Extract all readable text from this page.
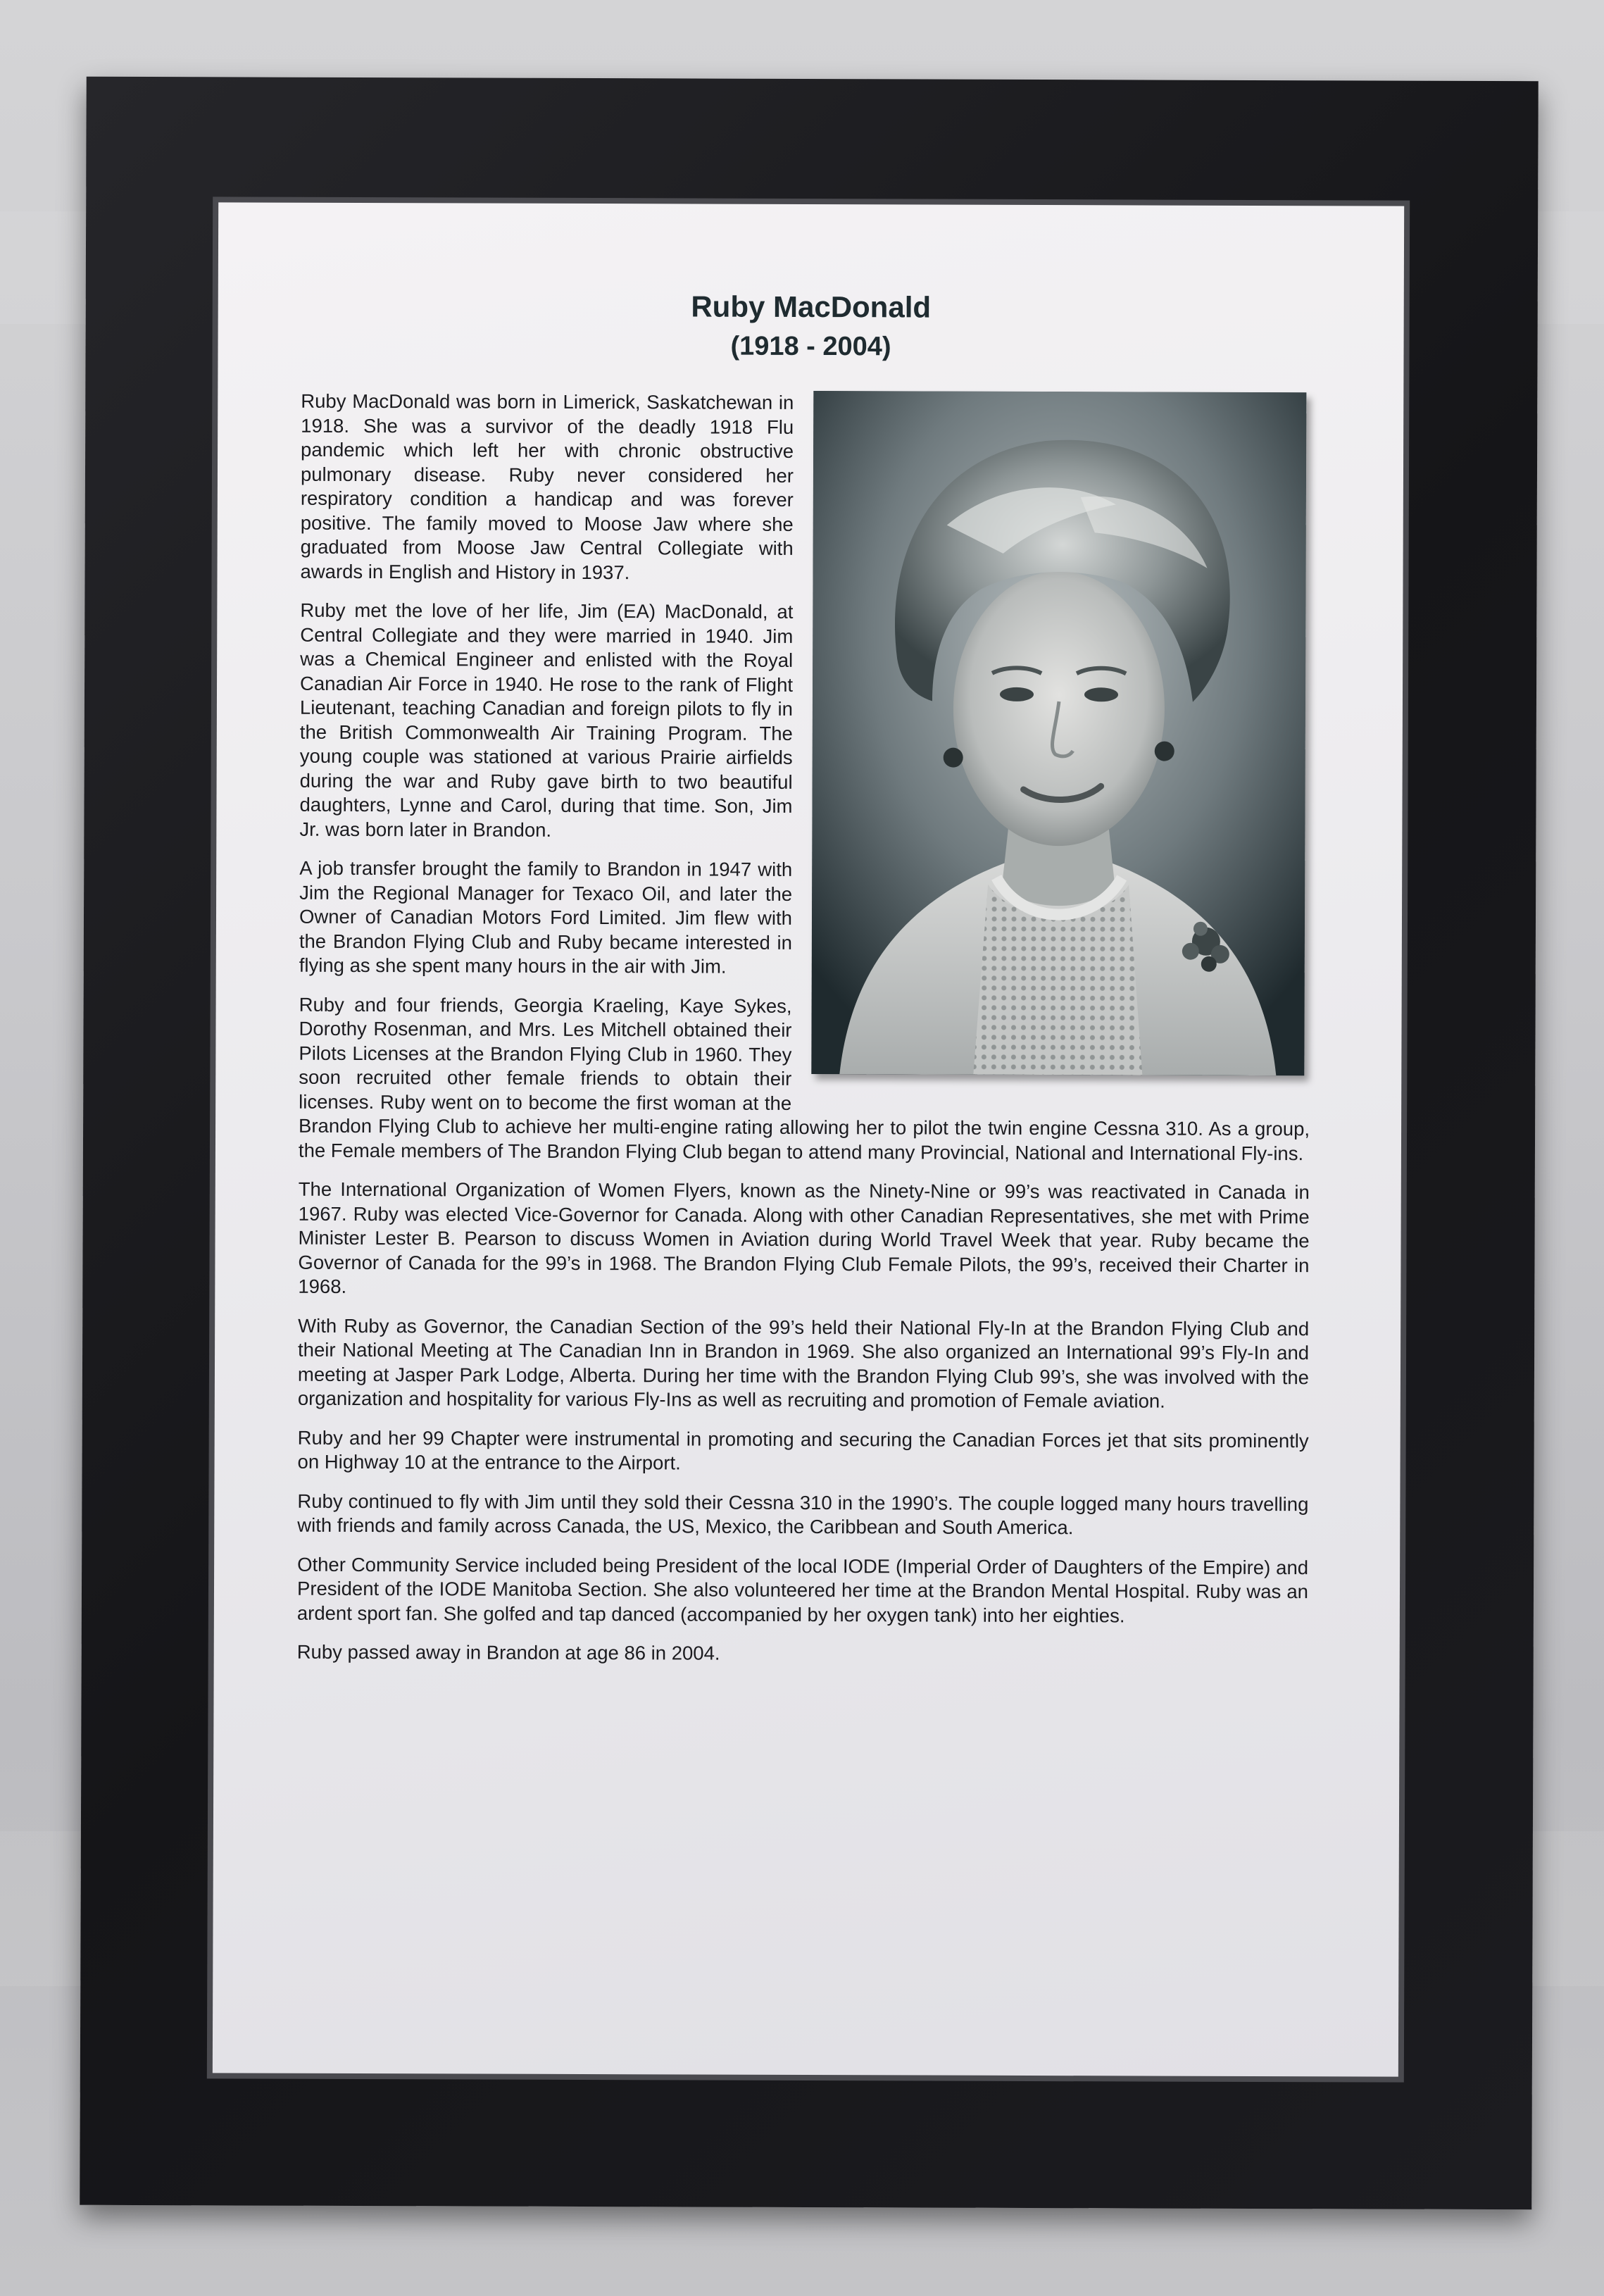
Ruby MacDonald
(1918 - 2004)

Ruby MacDonald was born in Limerick, Saskatchewan in 1918. She was a survivor of the deadly 1918 Flu pandemic which left her with chronic obstructive pulmonary disease. Ruby never considered her respiratory condition a handicap and was forever positive. The family moved to Moose Jaw where she graduated from Moose Jaw Central Collegiate with awards in English and History in 1937.

Ruby met the love of her life, Jim (EA) MacDonald, at Central Collegiate and they were married in 1940. Jim was a Chemical Engineer and enlisted with the Royal Canadian Air Force in 1940. He rose to the rank of Flight Lieutenant, teaching Canadian and foreign pilots to fly in the British Commonwealth Air Training Program. The young couple was stationed at various Prairie airfields during the war and Ruby gave birth to two beautiful daughters, Lynne and Carol, during that time. Son, Jim Jr. was born later in Brandon.

A job transfer brought the family to Brandon in 1947 with Jim the Regional Manager for Texaco Oil, and later the Owner of Canadian Motors Ford Limited. Jim flew with the Brandon Flying Club and Ruby became interested in flying as she spent many hours in the air with Jim.

Ruby and four friends, Georgia Kraeling, Kaye Sykes, Dorothy Rosenman, and Mrs. Les Mitchell obtained their Pilots Licenses at the Brandon Flying Club in 1960. They soon recruited other female friends to obtain their licenses. Ruby went on to become the first woman at the Brandon Flying Club to achieve her multi-engine rating allowing her to pilot the twin engine Cessna 310. As a group, the Female members of The Brandon Flying Club began to attend many Provincial, National and International Fly-ins.

The International Organization of Women Flyers, known as the Ninety-Nine or 99’s was reactivated in Canada in 1967. Ruby was elected Vice-Governor for Canada. Along with other Canadian Representatives, she met with Prime Minister Lester B. Pearson to discuss Women in Aviation during World Travel Week that year. Ruby became the Governor of Canada for the 99’s in 1968. The Brandon Flying Club Female Pilots, the 99’s, received their Charter in 1968.

With Ruby as Governor, the Canadian Section of the 99’s held their National Fly-In at the Brandon Flying Club and their National Meeting at The Canadian Inn in Brandon in 1969. She also organized an International 99’s Fly-In and meeting at Jasper Park Lodge, Alberta. During her time with the Brandon Flying Club 99’s, she was involved with the organization and hospitality for various Fly-Ins as well as recruiting and promotion of Female aviation.

Ruby and her 99 Chapter were instrumental in promoting and securing the Canadian Forces jet that sits prominently on Highway 10 at the entrance to the Airport.

Ruby continued to fly with Jim until they sold their Cessna 310 in the 1990’s. The couple logged many hours travelling with friends and family across Canada, the US, Mexico, the Caribbean and South America.

Other Community Service included being President of the local IODE (Imperial Order of Daughters of the Empire) and President of the IODE Manitoba Section. She also volunteered her time at the Brandon Mental Hospital. Ruby was an ardent sport fan. She golfed and tap danced (accompanied by her oxygen tank) into her eighties.

Ruby passed away in Brandon at age 86 in 2004.
